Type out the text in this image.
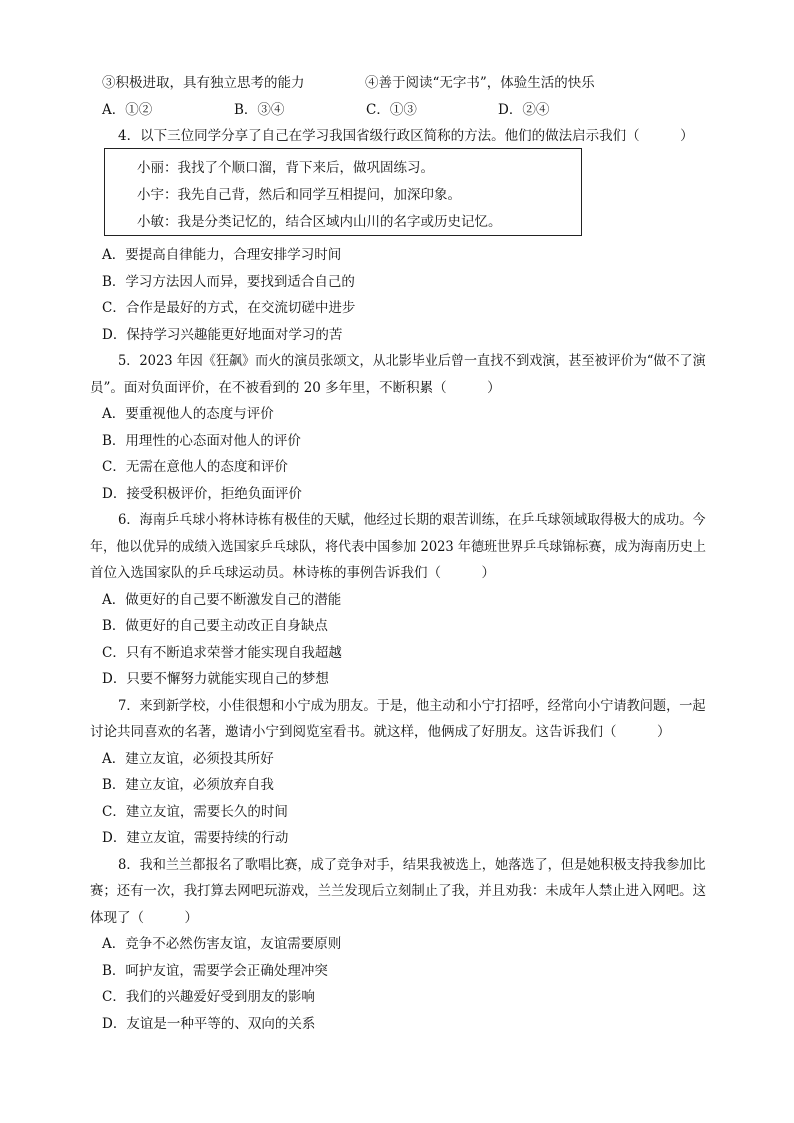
③积极进取，具有独立思考的能力	④善于阅读“无字书”，体验生活的快乐
A．①②	B．③④	C．①③	D．②④
4．以下三位同学分享了自己在学习我国省级行政区简称的方法。他们的做法启示我们（　　　）
小丽：我找了个顺口溜，背下来后，做巩固练习。
小宇：我先自己背，然后和同学互相提问，加深印象。
小敏：我是分类记忆的，结合区域内山川的名字或历史记忆。
A．要提高自律能力，合理安排学习时间
B．学习方法因人而异，要找到适合自己的
C．合作是最好的方式，在交流切磋中进步
D．保持学习兴趣能更好地面对学习的苦
5．2023 年因《狂飙》而火的演员张颂文，从北影毕业后曾一直找不到戏演，甚至被评价为“做不了演
员”。面对负面评价，在不被看到的 20 多年里，不断积累（　　　）
A．要重视他人的态度与评价
B．用理性的心态面对他人的评价
C．无需在意他人的态度和评价
D．接受积极评价，拒绝负面评价
6．海南乒乓球小将林诗栋有极佳的天赋，他经过长期的艰苦训练，在乒乓球领域取得极大的成功。今
年，他以优异的成绩入选国家乒乓球队，将代表中国参加 2023 年德班世界乒乓球锦标赛，成为海南历史上
首位入选国家队的乒乓球运动员。林诗栋的事例告诉我们（　　　）
A．做更好的自己要不断激发自己的潜能
B．做更好的自己要主动改正自身缺点
C．只有不断追求荣誉才能实现自我超越
D．只要不懈努力就能实现自己的梦想
7．来到新学校，小佳很想和小宁成为朋友。于是，他主动和小宁打招呼，经常向小宁请教问题，一起
讨论共同喜欢的名著，邀请小宁到阅览室看书。就这样，他俩成了好朋友。这告诉我们（　　　）
A．建立友谊，必须投其所好
B．建立友谊，必须放弃自我
C．建立友谊，需要长久的时间
D．建立友谊，需要持续的行动
8．我和兰兰都报名了歌唱比赛，成了竞争对手，结果我被选上，她落选了，但是她积极支持我参加比
赛；还有一次，我打算去网吧玩游戏，兰兰发现后立刻制止了我，并且劝我：未成年人禁止进入网吧。这
体现了（　　　）
A．竞争不必然伤害友谊，友谊需要原则
B．呵护友谊，需要学会正确处理冲突
C．我们的兴趣爱好受到朋友的影响
D．友谊是一种平等的、双向的关系
